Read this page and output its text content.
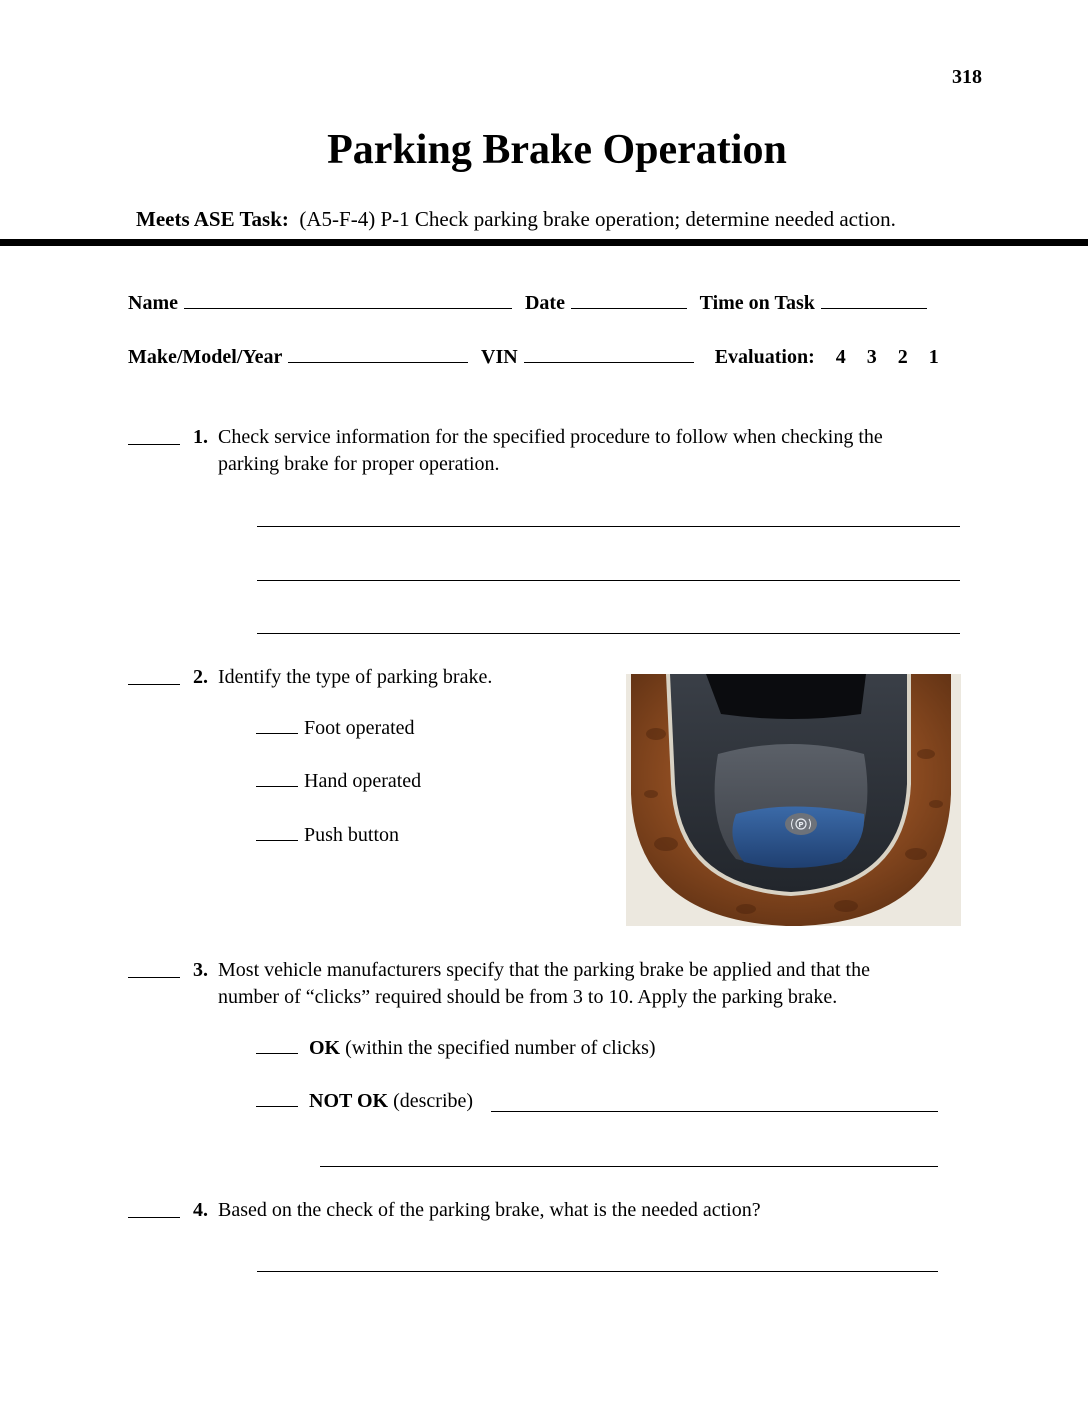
318
Parking Brake Operation
Meets ASE Task: (A5-F-4) P-1 Check parking brake operation; determine needed action.
Name	Date	Time on Task
Make/Model/Year	VIN	Evaluation: 4 3 2 1
1. Check service information for the specified procedure to follow when checking the
parking brake for proper operation.
2. Identify the type of parking brake.
Foot operated
Hand operated
Push button	P
3. Most vehicle manufacturers specify that the parking brake be applied and that the
number of “clicks” required should be from 3 to 10. Apply the parking brake.
OK (within the specified number of clicks)
NOT OK (describe)
4. Based on the check of the parking brake, what is the needed action?
